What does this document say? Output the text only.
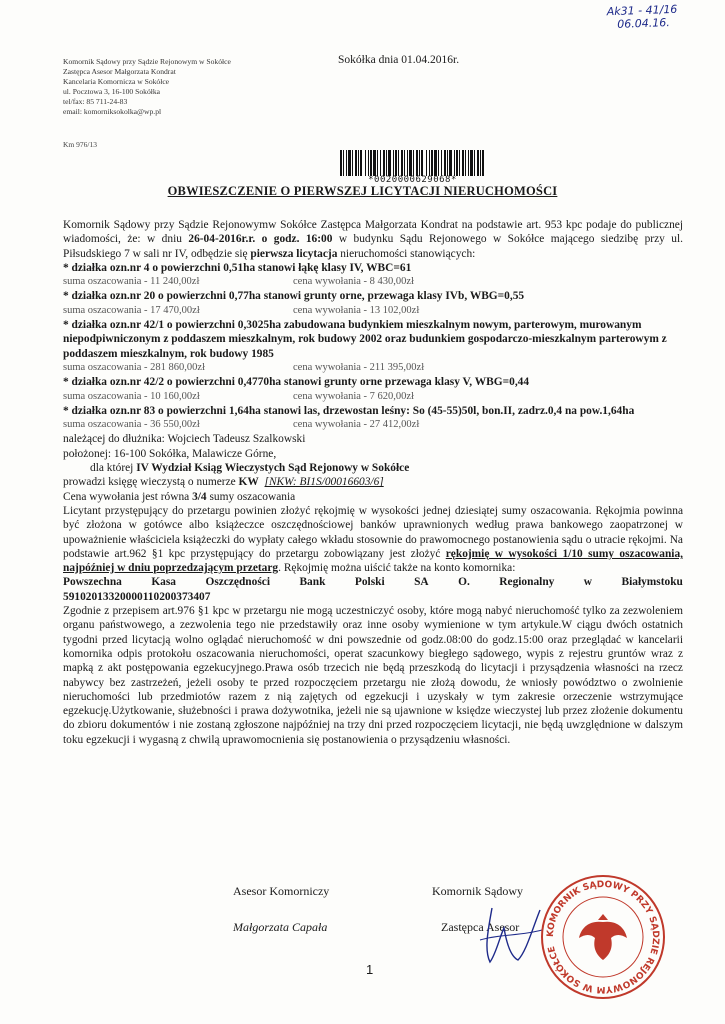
Ak31 - 41/16
06.04.16.
Komornik Sądowy przy Sądzie Rejonowym w Sokółce
Zastępca Asesor Małgorzata Kondrat
Kancelaria Komornicza w Sokółce
ul. Pocztowa 3, 16-100 Sokółka
tel/fax: 85 711-24-83
email: komorniksokolka@wp.pl
Sokółka dnia 01.04.2016r.
Km 976/13
*0020000629068*
OBWIESZCZENIE O PIERWSZEJ LICYTACJI NIERUCHOMOŚCI

Komornik Sądowy przy Sądzie Rejonowymw Sokółce Zastępca Małgorzata Kondrat na podstawie art. 953 kpc podaje do publicznej wiadomości, że: w dniu 26-04-2016r.r. o godz. 16:00 w budynku Sądu Rejonowego w Sokółce mającego siedzibę przy ul. Piłsudskiego 7 w sali nr IV, odbędzie się pierwsza licytacja nieruchomości stanowiących:

* działka ozn.nr 4 o powierzchni 0,51ha stanowi łąkę klasy IV, WBC=61
suma oszacowania - 11 240,00zł	cena wywołania - 8 430,00zł
* działka ozn.nr 20 o powierzchni 0,77ha stanowi grunty orne, przewaga klasy IVb, WBG=0,55
suma oszacowania - 17 470,00zł	cena wywołania - 13 102,00zł
* działka ozn.nr 42/1 o powierzchni 0,3025ha zabudowana budynkiem mieszkalnym nowym, parterowym, murowanym niepodpiwniczonym z poddaszem mieszkalnym, rok budowy 2002 oraz budunkiem gospodarczo-mieszkalnym parterowym z poddaszem mieszkalnym, rok budowy 1985
suma oszacowania - 281 860,00zł	cena wywołania - 211 395,00zł
* działka ozn.nr 42/2 o powierzchni 0,4770ha stanowi grunty orne przewaga klasy V, WBG=0,44
suma oszacowania - 10 160,00zł	cena wywołania - 7 620,00zł
* działka ozn.nr 83 o powierzchni 1,64ha stanowi las, drzewostan leśny: So (45-55)50l, bon.II, zadrz.0,4 na pow.1,64ha
suma oszacowania - 36 550,00zł	cena wywołania - 27 412,00zł
należącej do dłużnika: Wojciech Tadeusz Szalkowski
położonej: 16-100 Sokółka, Malawicze Górne,
dla której IV Wydział Ksiąg Wieczystych Sąd Rejonowy w Sokółce
prowadzi księgę wieczystą o numerze KW [NKW: BI1S/00016603/6]
Cena wywołania jest równa 3/4 sumy oszacowania

Licytant przystępujący do przetargu powinien złożyć rękojmię w wysokości jednej dziesiątej sumy oszacowania. Rękojmia powinna być złożona w gotówce albo książeczce oszczędnościowej banków uprawnionych według prawa bankowego zaopatrzonej w upoważnienie właściciela książeczki do wypłaty całego wkładu stosownie do prawomocnego postanowienia sądu o utracie rękojmi. Na podstawie art.962 §1 kpc przystępujący do przetargu zobowiązany jest złożyć rękojmię w wysokości 1/10 sumy oszacowania, najpóźniej w dniu poprzedzającym przetarg. Rękojmię można uiścić także na konto komornika:

Powszechna	Kasa	Oszczędności	Bank	Polski	SA	O.	Regionalny	w	Białymstoku
59102013320000110200373407

Zgodnie z przepisem art.976 §1 kpc w przetargu nie mogą uczestniczyć osoby, które mogą nabyć nieruchomość tylko za zezwoleniem organu państwowego, a zezwolenia tego nie przedstawiły oraz inne osoby wymienione w tym artykule.W ciągu dwóch ostatnich tygodni przed licytacją wolno oglądać nieruchomość w dni powszednie od godz.08:00 do godz.15:00 oraz przeglądać w kancelarii komornika odpis protokołu oszacowania nieruchomości, operat szacunkowy biegłego sądowego, wypis z rejestru gruntów wraz z mapką z akt postępowania egzekucyjnego.Prawa osób trzecich nie będą przeszkodą do licytacji i przysądzenia własności na rzecz nabywcy bez zastrzeżeń, jeżeli osoby te przed rozpoczęciem przetargu nie złożą dowodu, że wniosły powództwo o zwolnienie nieruchomości lub przedmiotów razem z nią zajętych od egzekucji i uzyskały w tym zakresie orzeczenie wstrzymujące egzekucję.Użytkowanie, służebności i prawa dożywotnika, jeżeli nie są ujawnione w księdze wieczystej lub przez złożenie dokumentu do zbioru dokumentów i nie zostaną zgłoszone najpóźniej na trzy dni przed rozpoczęciem licytacji, nie będą uwzględnione w dalszym toku egzekucji i wygasną z chwilą uprawomocnienia się postanowienia o przysądzeniu własności.

Asesor Komorniczy
Małgorzata Capała
Komornik Sądowy
Zastępca Asesor	KOMORNIK SĄDOWY PRZY SĄDZIE REJONOWYM W SOKÓŁCE
1
